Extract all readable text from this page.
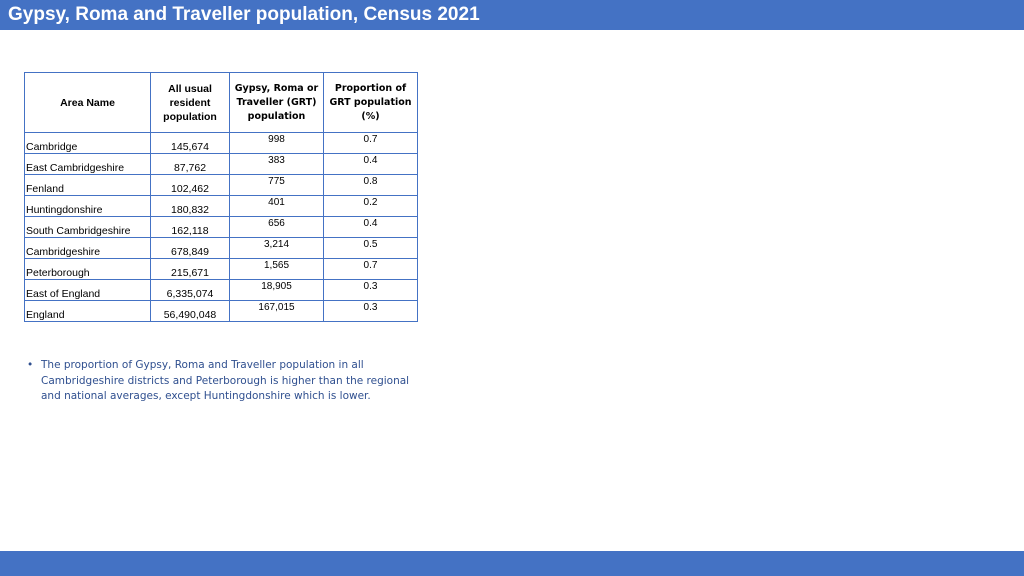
Gypsy, Roma and Traveller population, Census 2021
Area Name	All usual resident population	Gypsy, Roma or Traveller (GRT) population	Proportion of GRT population (%)
Cambridge	145,674	998	0.7
East Cambridgeshire	87,762	383	0.4
Fenland	102,462	775	0.8
Huntingdonshire	180,832	401	0.2
South Cambridgeshire	162,118	656	0.4
Cambridgeshire	678,849	3,214	0.5
Peterborough	215,671	1,565	0.7
East of England	6,335,074	18,905	0.3
England	56,490,048	167,015	0.3
• The proportion of Gypsy, Roma and Traveller population in all Cambridgeshire districts and Peterborough is higher than the regional and national averages, except Huntingdonshire which is lower.
